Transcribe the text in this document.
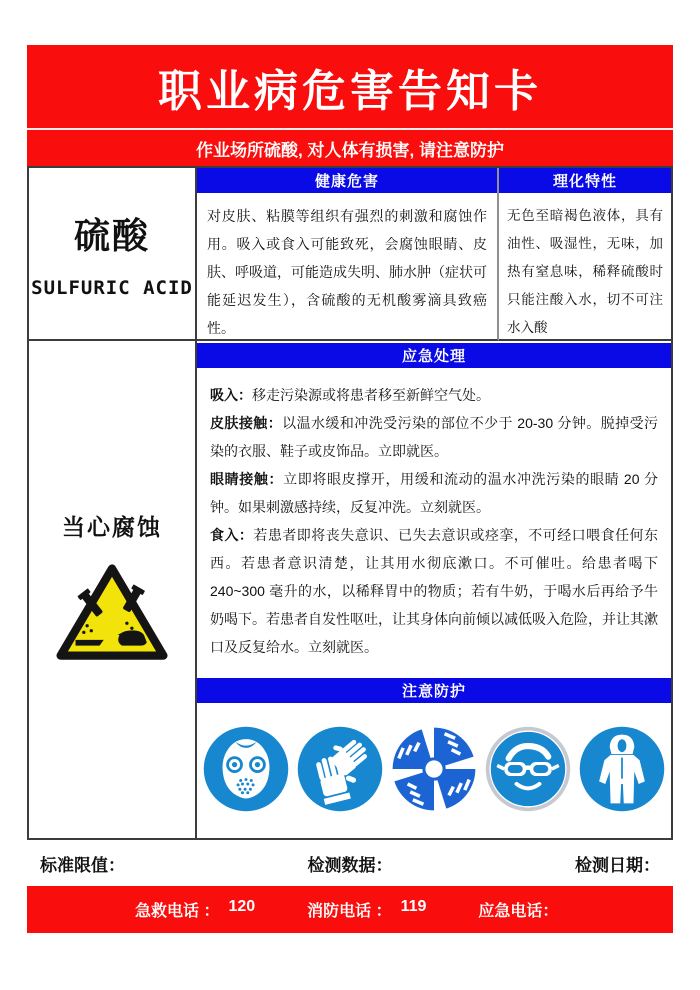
职业病危害告知卡
作业场所硫酸, 对人体有损害, 请注意防护
硫酸
SULFURIC ACID
健康危害
对皮肤、粘膜等组织有强烈的刺激和腐蚀作用。吸入或食入可能致死，会腐蚀眼睛、皮肤、呼吸道，可能造成失明、肺水肿（症状可能延迟发生），含硫酸的无机酸雾滴具致癌性。
理化特性
无色至暗褐色液体，具有油性、吸湿性，无味，加热有窒息味，稀释硫酸时只能注酸入水，切不可注水入酸
当心腐蚀
应急处理

吸入：移走污染源或将患者移至新鲜空气处。

皮肤接触：以温水缓和冲洗受污染的部位不少于 20-30 分钟。脱掉受污染的衣服、鞋子或皮饰品。立即就医。

眼睛接触：立即将眼皮撑开，用缓和流动的温水冲洗污染的眼睛 20 分钟。如果刺激感持续，反复冲洗。立刻就医。

食入：若患者即将丧失意识、已失去意识或痉挛，不可经口喂食任何东西。若患者意识清楚，让其用水彻底漱口。不可催吐。给患者喝下 240~300 毫升的水，以稀释胃中的物质；若有牛奶，于喝水后再给予牛奶喝下。若患者自发性呕吐，让其身体向前倾以减低吸入危险，并让其漱口及反复给水。立刻就医。

注意防护
标准限值：	检测数据：	检测日期：
急救电话 ： 120	消防电话 ： 119	应急电话：
